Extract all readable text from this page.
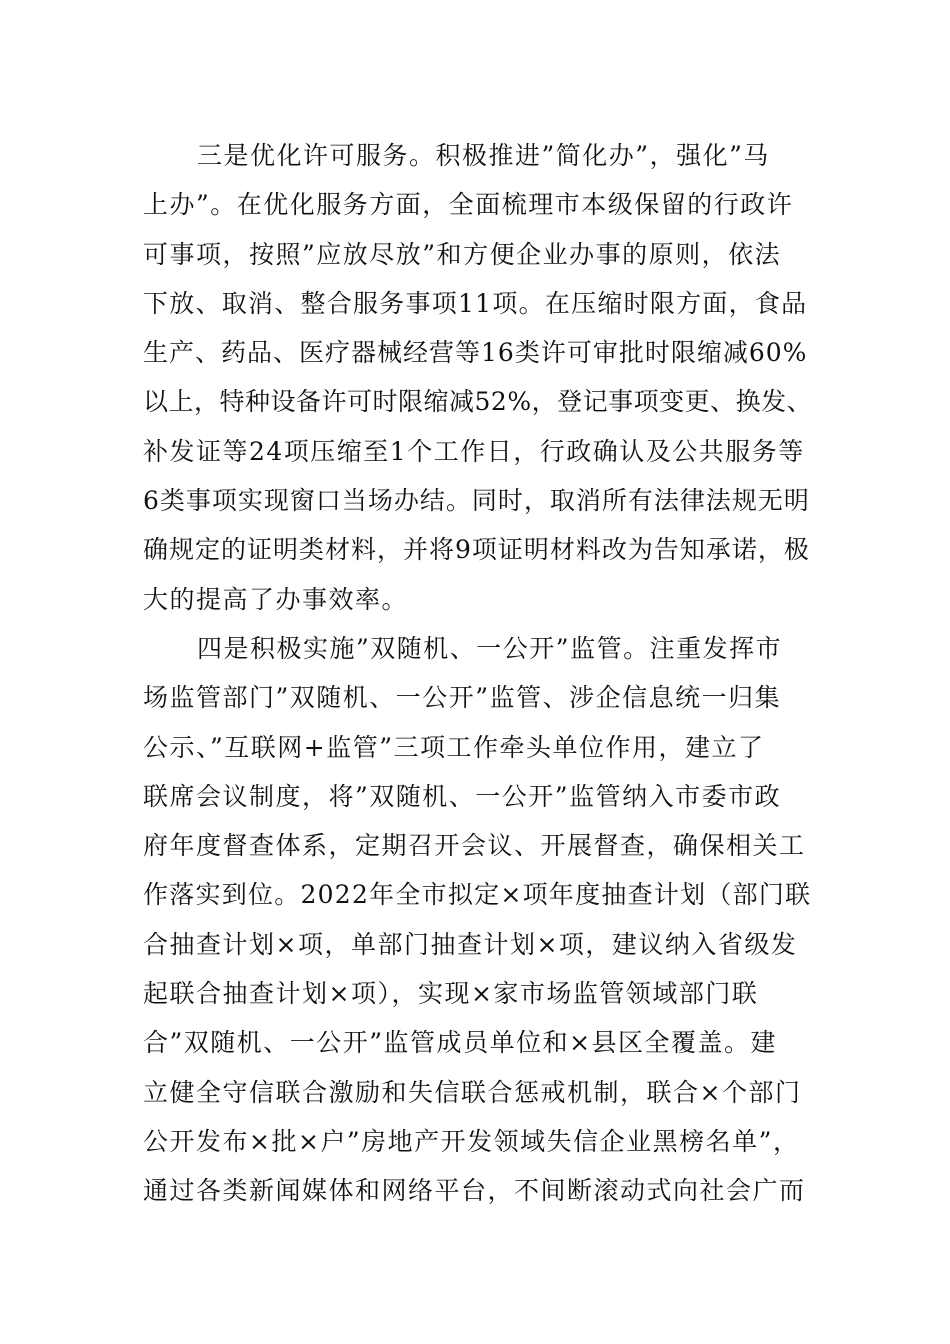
三是优化许可服务。积极推进”简化办”，强化”马
上办”。在优化服务方面，全面梳理市本级保留的行政许
可事项，按照”应放尽放”和方便企业办事的原则，依法
下放、取消、整合服务事项11项。在压缩时限方面，食品
生产、药品、医疗器械经营等16类许可审批时限缩减60%
以上，特种设备许可时限缩减52%，登记事项变更、换发、
补发证等24项压缩至1个工作日，行政确认及公共服务等
6类事项实现窗口当场办结。同时，取消所有法律法规无明
确规定的证明类材料，并将9项证明材料改为告知承诺，极
大的提高了办事效率。
四是积极实施”双随机、一公开”监管。注重发挥市
场监管部门”双随机、一公开”监管、涉企信息统一归集
公示、”互联网+监管”三项工作牵头单位作用，建立了
联席会议制度，将”双随机、一公开”监管纳入市委市政
府年度督查体系，定期召开会议、开展督查，确保相关工
作落实到位。2022年全市拟定×项年度抽查计划（部门联
合抽查计划×项，单部门抽查计划×项，建议纳入省级发
起联合抽查计划×项），实现×家市场监管领域部门联
合”双随机、一公开”监管成员单位和×县区全覆盖。建
立健全守信联合激励和失信联合惩戒机制，联合×个部门
公开发布×批×户”房地产开发领域失信企业黑榜名单”，
通过各类新闻媒体和网络平台，不间断滚动式向社会广而
